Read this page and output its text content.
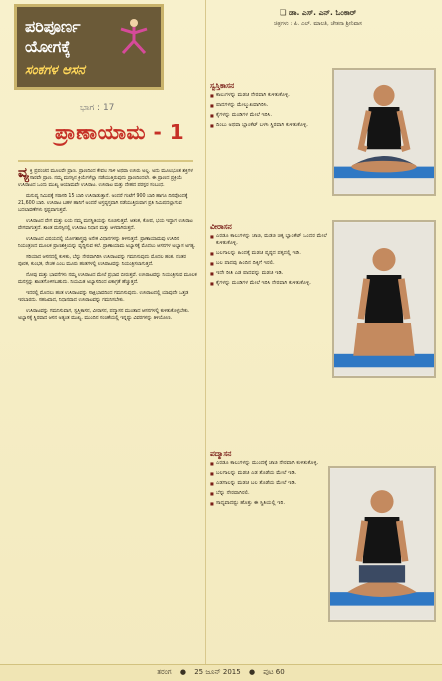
ಪರಿಪೂರ್ಣ
ಯೋಗಕ್ಕೆ
ಸಂಕಗಳ ಆಸನ
ಭಾಗ : 17
ಪ್ರಾಣಾಯಾಮ - 1

ವ್ಯ ಕ್ತಿ ಪ್ರಪಂಚದ ಮೂಲವೇ ಪ್ರಾಣ. ಪ್ರಾಣದಿಂದ ಕೇವಲ ಗಾಳಿ ಅಥವಾ ಉಸಿರು ಅಲ್ಲ. ಅದು ಮೂಲಭೂತ ಶಕ್ತಿಗಳ ಸಾರವೇ ಪ್ರಾಣ. ನಮ್ಮ ಮನಸ್ಸಿನ ಕ್ರಿಯೆಗಳೆಲ್ಲಾ ನಡೆಯುತ್ತಿರುವುದು ಪ್ರಾಣದಿಂದಲೇ. ಈ ಪ್ರಾಣದ ಪ್ರಕ್ರಿಯೆ ಉಸಿರಾಟದ ಒಂದು ಮುಖ್ಯ ಆಯಾಮವೇ ಉಸಿರಾಟ. ಉಸಿರಾಟ ಮತ್ತು ದೇಹದ ಪರಸ್ಪರ ಸಂಬಂಧ.

ಮನುಷ್ಯ ನಿಮಿಷಕ್ಕೆ ಸರಾಸರಿ 15 ಬಾರಿ ಉಸಿರಾಡುತ್ತಾನೆ. ಅಂದರೆ ಗಂಟೆಗೆ 900 ಬಾರಿ ಹಾಗೂ ದಿನವೊಂದಕ್ಕೆ 21,600 ಬಾರಿ. ಉಸಿರಾಟ ಬಹಳ ಹಾನಿಗೆ ಅಂದರೆ ಅಸ್ತವ್ಯಸ್ತವಾಗಿ ನಡೆಯುತ್ತಿರುವಾಗ ಪ್ರತಿ ನಿಮಿಷದಲ್ಲಾಗುವ ಬದಲಾವಣೆಗಳು ಸ್ಪಷ್ಟವಾಗುತ್ತವೆ.

ಉಸಿರಾಟದ ವೇಗ ಮತ್ತು ಲಯ ನಮ್ಮ ಮನಸ್ಥಿತಿಯನ್ನು ಸೂಚಿಸುತ್ತವೆ. ಆತಂಕ, ಕೋಪ, ಭಯ ಇದ್ದಾಗ ಉಸಿರಾಟ ವೇಗವಾಗುತ್ತದೆ. ಶಾಂತ ಮನಸ್ಸಿನಲ್ಲಿ ಉಸಿರಾಟ ನಿಧಾನ ಮತ್ತು ಆಳವಾಗಿರುತ್ತದೆ.

ಉಸಿರಾಟದ ವಿಷಯದಲ್ಲಿ ಯೋಗಶಾಸ್ತ್ರವು ಅನೇಕ ವಿಧಾನಗಳನ್ನು ತಿಳಿಸುತ್ತದೆ. ಪ್ರಾಣಾಯಾಮವು ಉಸಿರಿನ ನಿಯಂತ್ರಣದ ಮೂಲಕ ಪ್ರಾಣಶಕ್ತಿಯನ್ನು ವೃದ್ಧಿಸುವ ಕಲೆ. ಪ್ರಾಣಾಯಾಮ ಅಭ್ಯಾಸಕ್ಕೆ ಮೊದಲು ಆಸನಗಳ ಅಭ್ಯಾಸ ಅಗತ್ಯ.

ಸರಿಯಾದ ಆಸನದಲ್ಲಿ ಕುಳಿತು, ಬೆನ್ನು ನೇರವಾಗಿರಿಸಿ ಉಸಿರಾಟವನ್ನು ಗಮನಿಸುವುದು ಮೊದಲ ಹಂತ. ನಂತರ ಪೂರಕ, ಕುಂಭಕ, ರೇಚಕ ಎಂಬ ಮೂರು ಹಂತಗಳಲ್ಲಿ ಉಸಿರಾಟವನ್ನು ನಿಯಂತ್ರಿಸಲಾಗುತ್ತದೆ.

ನೋವು ಮತ್ತು ಭಾವನೆಗಳು ನಮ್ಮ ಉಸಿರಾಟದ ಮೇಲೆ ಪ್ರಭಾವ ಬೀರುತ್ತವೆ. ಉಸಿರಾಟವನ್ನು ನಿಯಂತ್ರಿಸುವ ಮೂಲಕ ಮನಸ್ಸನ್ನು ಶಾಂತಗೊಳಿಸಬಹುದು. ನಿಯಮಿತ ಅಭ್ಯಾಸದಿಂದ ಏಕಾಗ್ರತೆ ಹೆಚ್ಚುತ್ತದೆ.

ಇದರಲ್ಲಿ ಮೊದಲು ಹಂತ ಉಸಿರಾಟವನ್ನು ಸಾಕ್ಷಿಭಾವದಿಂದ ಗಮನಿಸುವುದು. ಉಸಿರಾಟದಲ್ಲಿ ಯಾವುದೇ ಒತ್ತಡ ಇರಬಾರದು. ಸಹಜವಾದ, ನಿಧಾನವಾದ ಉಸಿರಾಟವನ್ನು ಗಮನಿಸಬೇಕು.

ಉಸಿರಾಟವನ್ನು ಗಮನಿಸುವಾಗ, ಸ್ವಸ್ತಿಕಾಸನ, ವೀರಾಸನ, ಪದ್ಮಾಸನ ಮುಂತಾದ ಆಸನಗಳಲ್ಲಿ ಕುಳಿತುಕೊಳ್ಳಬೇಕು. ಅಭ್ಯಾಸಕ್ಕೆ ಸ್ಥಿರವಾದ ಆಸನ ಅತ್ಯಂತ ಮುಖ್ಯ. ಮುಂದಿನ ಸಂಚಿಕೆಯಲ್ಲಿ ಇನ್ನಷ್ಟು ವಿವರಗಳನ್ನು ತಿಳಿಯೋಣ.

❏ ಡಾ. ಎಸ್. ಎನ್. ಓಂಕಾರ್
ಚಿತ್ರಗಳು : ಪಿ. ಎಲ್. ಮಾಲತಿ, ಚೇತನಾ ಶ್ರೀನಿವಾಸ
ಸ್ವಸ್ತಿಕಾಸನ
■ ಕಾಲುಗಳನ್ನು ಮಡಚಿ ನೇರವಾಗಿ ಕುಳಿತುಕೊಳ್ಳಿ.
■ ಪಾದಗಳನ್ನು ಮೇಲ್ಮುಖವಾಗಿರಿಸಿ.
■ ಕೈಗಳನ್ನು ಮಂಡಿಗಳ ಮೇಲೆ ಇರಿಸಿ.
■ ದಿಂಬು ಅಥವಾ ಬ್ಲಾಂಕೆಟ್ ಬಳಸಿ ಸ್ಥಿರವಾಗಿ ಕುಳಿತುಕೊಳ್ಳಿ.
ವೀರಾಸನ
■ ಎರಡೂ ಕಾಲುಗಳನ್ನು ಚಾಚಿ, ಮಡಚಿ ಚಿಕ್ಕ ಬ್ಲಾಂಕೆಟ್ ಒಂದರ ಮೇಲೆ ಕುಳಿತುಕೊಳ್ಳಿ.
■ ಬಲಗಾಲನ್ನು ಹಿಂದಕ್ಕೆ ಮಡಚಿ ಪೃಷ್ಠದ ಪಕ್ಕದಲ್ಲಿ ಇಡಿ.
■ ಬಲ ಪಾದವು ಹಿಂದಿನ ದಿಕ್ಕಿಗೆ ಇರಲಿ.
■ ಇದೇ ರೀತಿ ಎಡ ಪಾದವನ್ನು ಮಡಚಿ ಇಡಿ.
■ ಕೈಗಳನ್ನು ಮಂಡಿಗಳ ಮೇಲೆ ಇರಿಸಿ ನೇರವಾಗಿ ಕುಳಿತುಕೊಳ್ಳಿ.
ಪದ್ಮಾಸನ
■ ಎರಡೂ ಕಾಲುಗಳನ್ನು ಮುಂದಕ್ಕೆ ಚಾಚಿ ನೇರವಾಗಿ ಕುಳಿತುಕೊಳ್ಳಿ.
■ ಬಲಗಾಲನ್ನು ಮಡಚಿ ಎಡ ತೊಡೆಯ ಮೇಲೆ ಇಡಿ.
■ ಎಡಗಾಲನ್ನು ಮಡಚಿ ಬಲ ತೊಡೆಯ ಮೇಲೆ ಇಡಿ.
■ ಬೆನ್ನು ನೇರವಾಗಿರಲಿ.
■ ಸಾಧ್ಯವಾದಷ್ಟು ಹೊತ್ತು ಈ ಸ್ಥಿತಿಯಲ್ಲಿ ಇರಿ.
ತರಂಗ ● 25 ಜೂನ್ 2015 ● ಪುಟ 60
